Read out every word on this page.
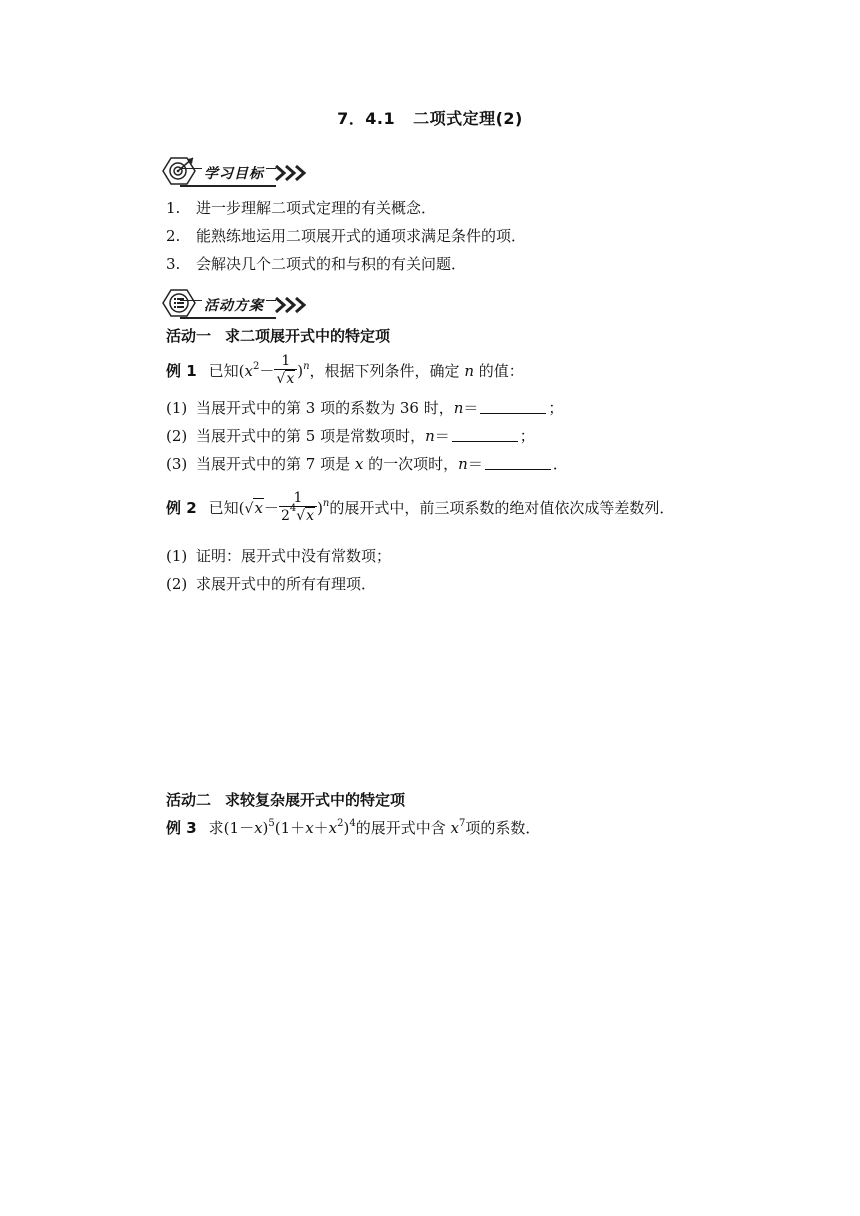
7．4.1 二项式定理(2)
学习目标
1. 进一步理解二项式定理的有关概念．
2. 能熟练地运用二项展开式的通项求满足条件的项．
3. 会解决几个二项式的和与积的有关问题．
活动方案
活动一 求二项展开式中的特定项
例 1 已知$(x^2- \frac{1}{√x} )^n$，根据下列条件，确定 n 的值：
(1) 当展开式中的第 3 项的系数为 36 时，n＝	；
(2) 当展开式中的第 5 项是常数项时，n＝	；
(3) 当展开式中的第 7 项是 x 的一次项时，n＝	．
例 2 已知$(√x- \frac{1}{2^4√x} )^n$的展开式中，前三项系数的绝对值依次成等差数列．
(1) 证明：展开式中没有常数项；
(2) 求展开式中的所有有理项．
活动二 求较复杂展开式中的特定项
例 3 求$(1-x)^5(1+x+x^2)^4$的展开式中含 $x^7$项的系数．
